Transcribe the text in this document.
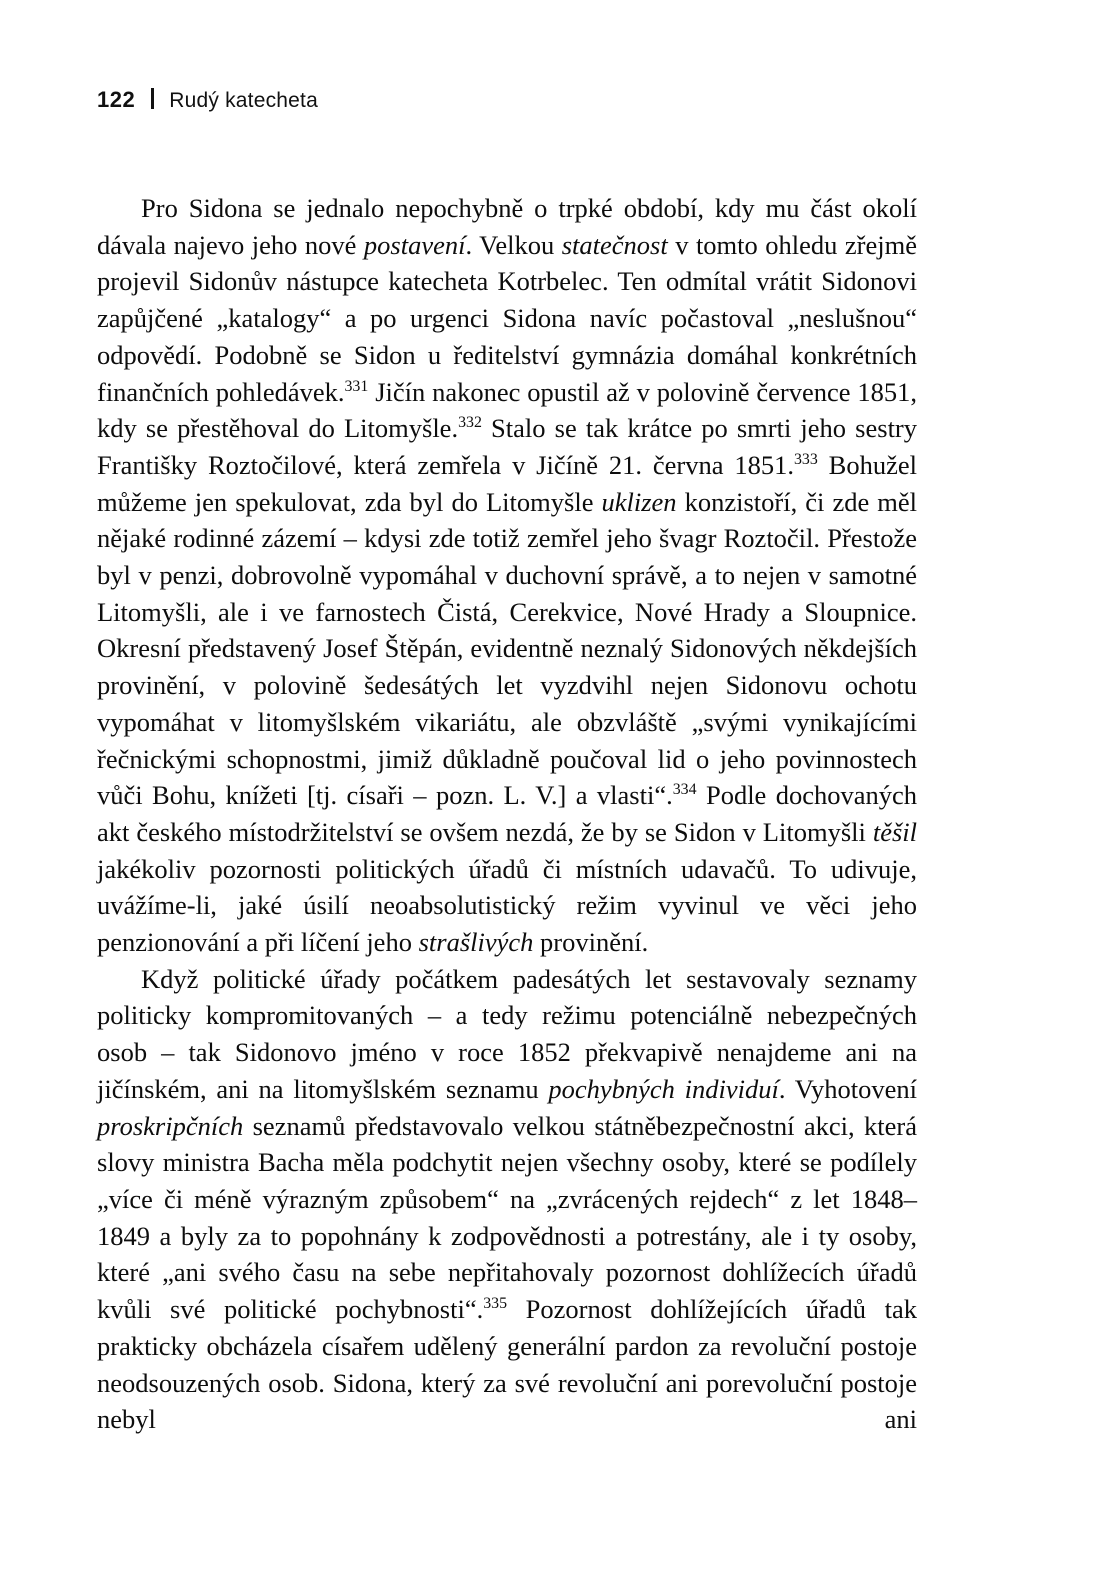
122 Rudý katecheta

Pro Sidona se jednalo nepochybně o trpké období, kdy mu část okolí dávala najevo jeho nové postavení. Velkou statečnost v tomto ohledu zřejmě projevil Sidonův nástupce katecheta Kotrbelec. Ten odmítal vrátit Sidonovi zapůjčené „katalogy“ a po urgenci Sidona navíc počastoval „neslušnou“ odpovědí. Podobně se Sidon u ředitelství gymnázia domáhal konkrétních finančních pohledávek.$^{331}$ Jičín nakonec opustil až v polovině července 1851, kdy se přestěhoval do Litomyšle.$^{332}$ Stalo se tak krátce po smrti jeho sestry Františky Roztočilové, která zemřela v Jičíně 21. června 1851.$^{333}$ Bohužel můžeme jen spekulovat, zda byl do Litomyšle uklizen konzistoří, či zde měl nějaké rodinné zázemí – kdysi zde totiž zemřel jeho švagr Roztočil. Přestože byl v penzi, dobrovolně vypomáhal v duchovní správě, a to nejen v samotné Litomyšli, ale i ve farnostech Čistá, Cerekvice, Nové Hrady a Sloupnice. Okresní představený Josef Štěpán, evidentně neznalý Sidonových někdejších provinění, v polovině šedesátých let vyzdvihl nejen Sidonovu ochotu vypomáhat v litomyšlském vikariátu, ale obzvláště „svými vynikajícími řečnickými schopnostmi, jimiž důkladně poučoval lid o jeho povinnostech vůči Bohu, knížeti [tj. císaři – pozn. L. V.] a vlasti“.$^{334}$ Podle dochovaných akt českého místodržitelství se ovšem nezdá, že by se Sidon v Litomyšli těšil jakékoliv pozornosti politických úřadů či místních udavačů. To udivuje, uvážíme-li, jaké úsilí neoabsolutistický režim vyvinul ve věci jeho penzionování a při líčení jeho strašlivých provinění.

Když politické úřady počátkem padesátých let sestavovaly seznamy politicky kompromitovaných – a tedy režimu potenciálně nebezpečných osob – tak Sidonovo jméno v roce 1852 překvapivě nenajdeme ani na jičínském, ani na litomyšlském seznamu pochybných individuí. Vyhotovení proskripčních seznamů představovalo velkou státněbezpečnostní akci, která slovy ministra Bacha měla podchytit nejen všechny osoby, které se podílely „více či méně výrazným způsobem“ na „zvrácených rejdech“ z let 1848–1849 a byly za to popohnány k zodpovědnosti a potrestány, ale i ty osoby, které „ani svého času na sebe nepřitahovaly pozornost dohlížecích úřadů kvůli své politické pochybnosti“.$^{335}$ Pozornost dohlížejících úřadů tak prakticky obcházela císařem udělený generální pardon za revoluční postoje neodsouzených osob. Sidona, který za své revoluční ani porevoluční postoje nebyl ani
